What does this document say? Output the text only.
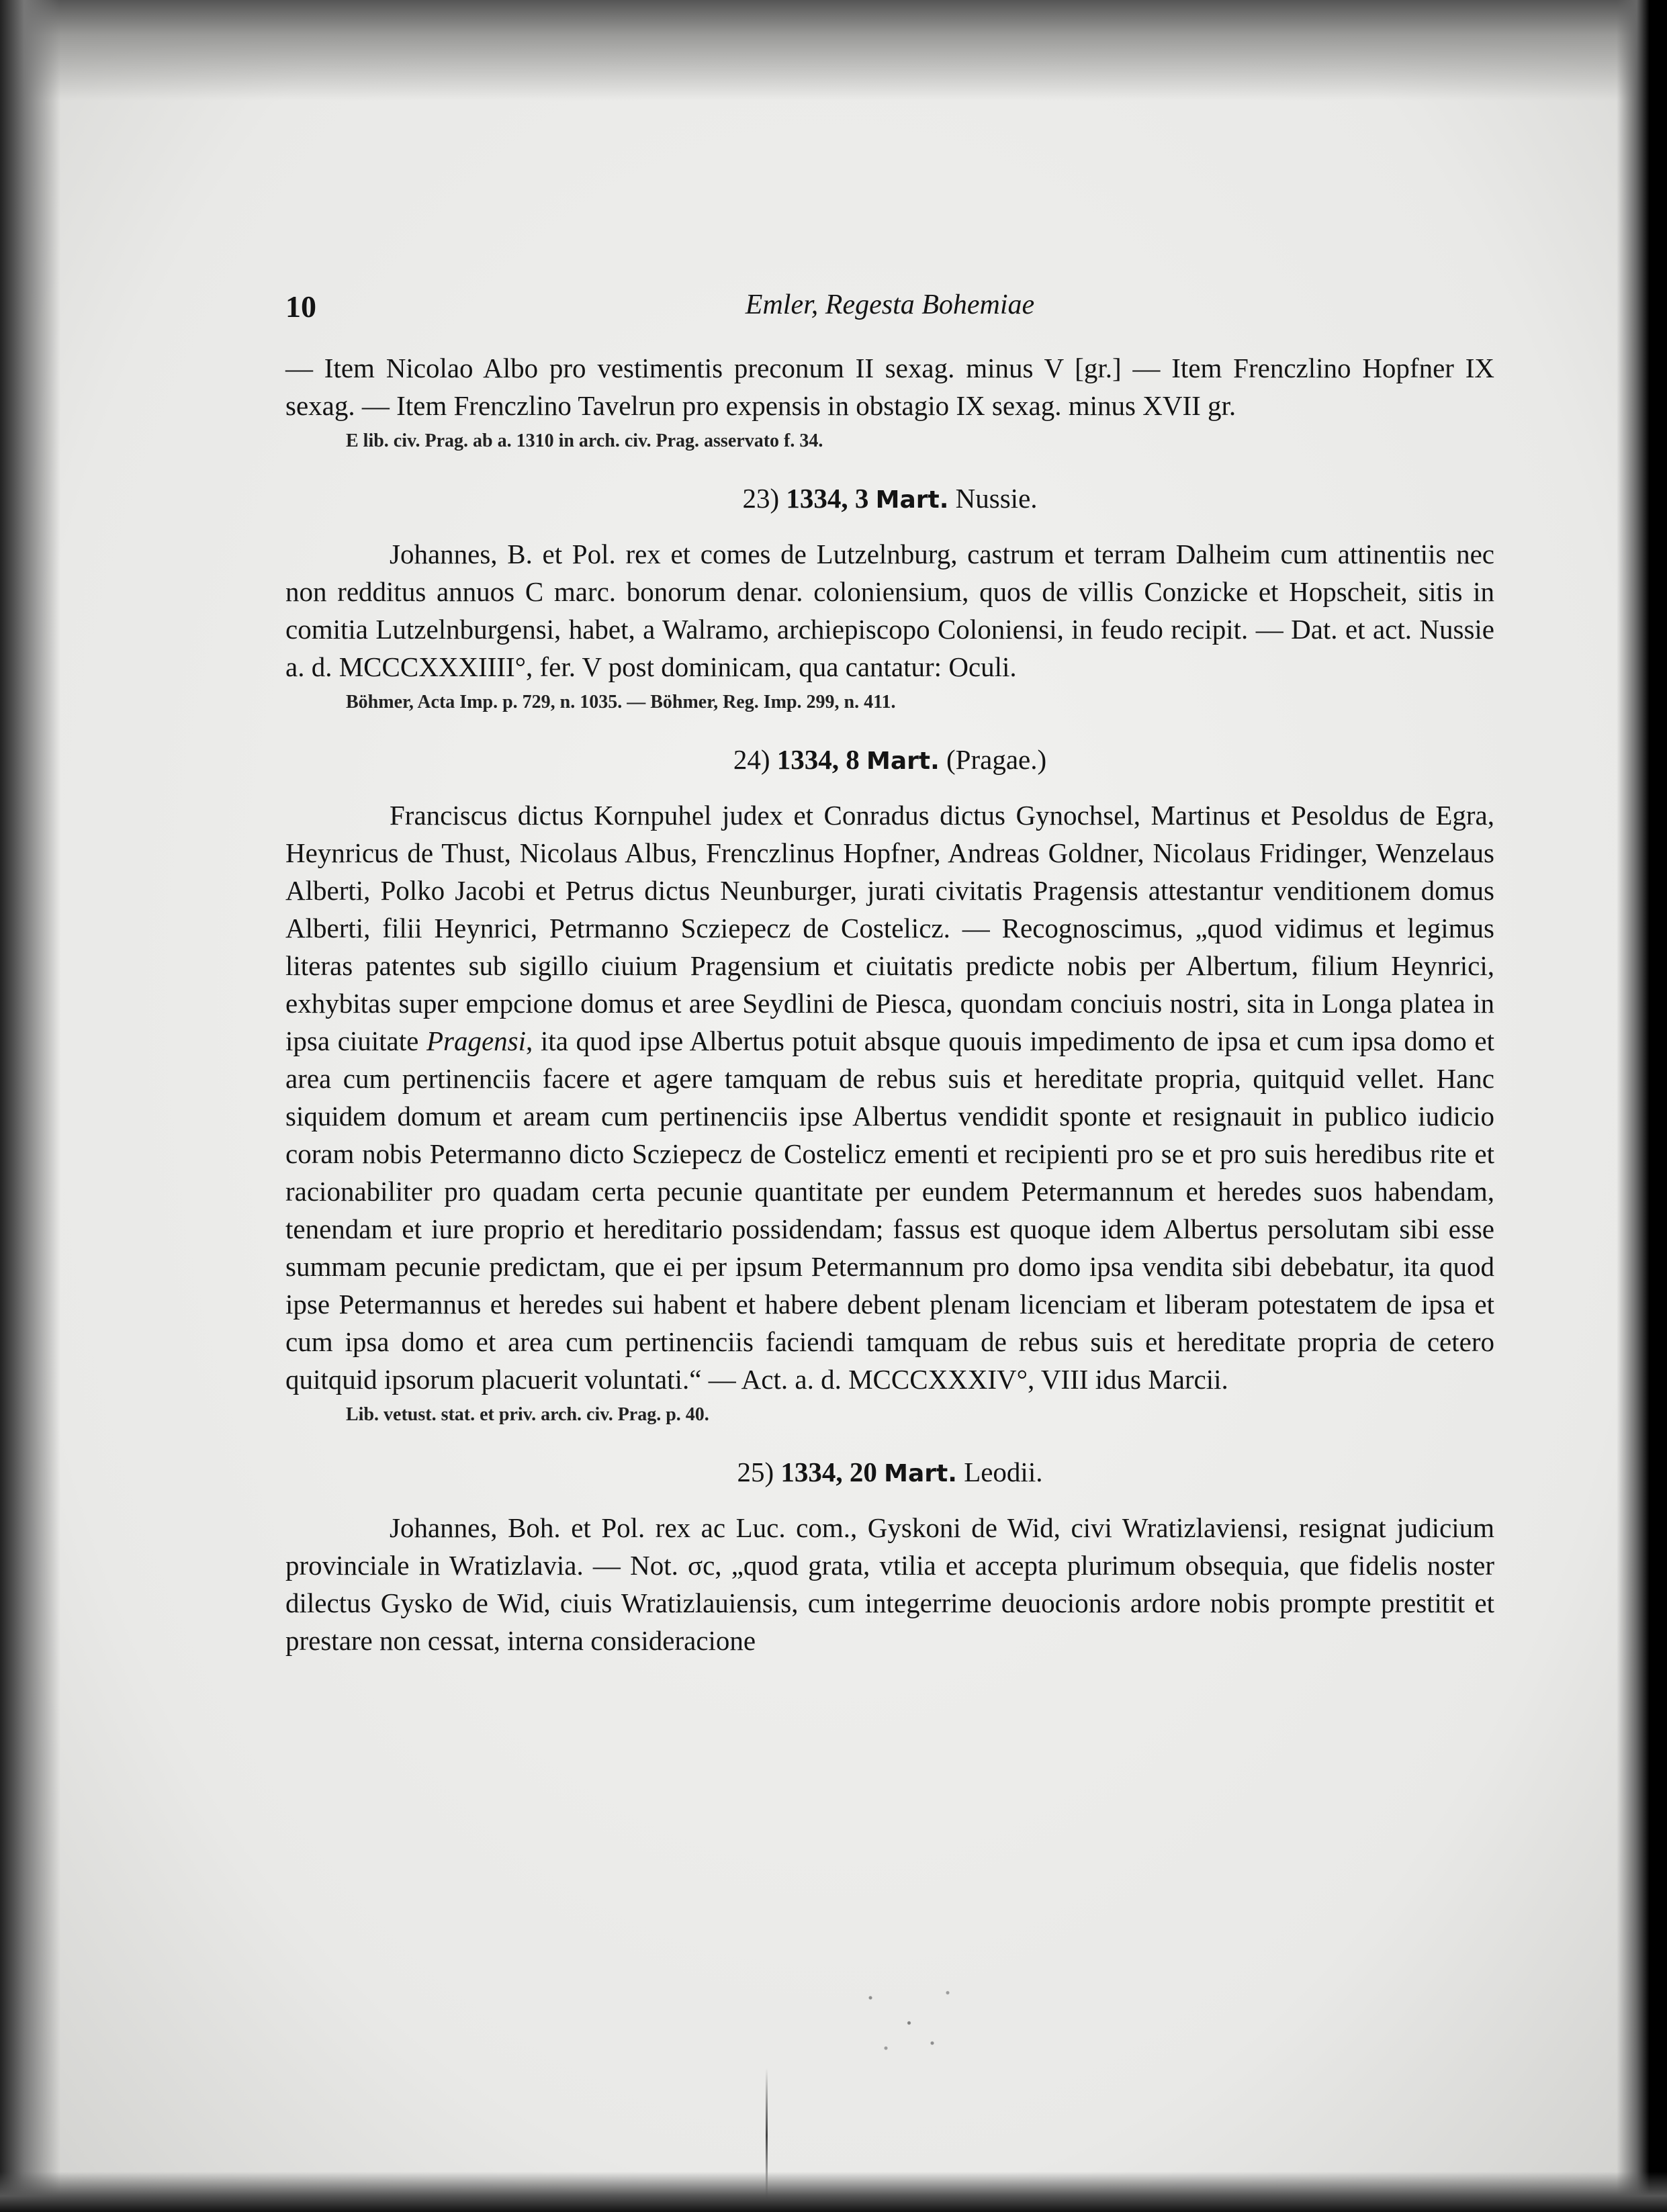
10	Emler, Regesta Bohemiae

— Item Nicolao Albo pro vestimentis preconum II sexag. minus V [gr.] — Item Frenczlino Hopfner IX sexag. — Item Frenczlino Tavelrun pro expensis in obstagio IX sexag. minus XVII gr.

E lib. civ. Prag. ab a. 1310 in arch. civ. Prag. asservato f. 34.
23) 1334, 3 Mart. Nussie.

Johannes, B. et Pol. rex et comes de Lutzelnburg, castrum et terram Dalheim cum attinentiis nec non redditus annuos C marc. bonorum denar. coloniensium, quos de villis Conzicke et Hopscheit, sitis in comitia Lutzelnburgensi, habet, a Walramo, archiepiscopo Coloniensi, in feudo recipit. — Dat. et act. Nussie a. d. MCCCXXXIIII°, fer. V post dominicam, qua cantatur: Oculi.

Böhmer, Acta Imp. p. 729, n. 1035. — Böhmer, Reg. Imp. 299, n. 411.
24) 1334, 8 Mart. (Pragae.)

Franciscus dictus Kornpuhel judex et Conradus dictus Gynochsel, Martinus et Pesoldus de Egra, Heynricus de Thust, Nicolaus Albus, Frenczlinus Hopfner, Andreas Goldner, Nicolaus Fridinger, Wenzelaus Alberti, Polko Jacobi et Petrus dictus Neunburger, jurati civitatis Pragensis attestantur venditionem domus Alberti, filii Heynrici, Petrmanno Scziepecz de Costelicz. — Recognoscimus, „quod vidimus et legimus literas patentes sub sigillo ciuium Pragensium et ciuitatis predicte nobis per Albertum, filium Heynrici, exhybitas super empcione domus et aree Seydlini de Piesca, quondam conciuis nostri, sita in Longa platea in ipsa ciuitate Pragensi, ita quod ipse Albertus potuit absque quouis impedimento de ipsa et cum ipsa domo et area cum pertinenciis facere et agere tamquam de rebus suis et hereditate propria, quitquid vellet. Hanc siquidem domum et aream cum pertinenciis ipse Albertus vendidit sponte et resignauit in publico iudicio coram nobis Petermanno dicto Scziepecz de Costelicz ementi et recipienti pro se et pro suis heredibus rite et racionabiliter pro quadam certa pecunie quantitate per eundem Petermannum et heredes suos habendam, tenendam et iure proprio et hereditario possidendam; fassus est quoque idem Albertus persolutam sibi esse summam pecunie predictam, que ei per ipsum Petermannum pro domo ipsa vendita sibi debebatur, ita quod ipse Petermannus et heredes sui habent et habere debent plenam licenciam et liberam potestatem de ipsa et cum ipsa domo et area cum pertinenciis faciendi tamquam de rebus suis et hereditate propria de cetero quitquid ipsorum placuerit voluntati.“ — Act. a. d. MCCCXXXIV°, VIII idus Marcii.

Lib. vetust. stat. et priv. arch. civ. Prag. p. 40.
25) 1334, 20 Mart. Leodii.

Johannes, Boh. et Pol. rex ac Luc. com., Gyskoni de Wid, civi Wratizlaviensi, resignat judicium provinciale in Wratizlavia. — Not. σc, „quod grata, vtilia et accepta plurimum obsequia, que fidelis noster dilectus Gysko de Wid, ciuis Wratizlauiensis, cum integerrime deuocionis ardore nobis prompte prestitit et prestare non cessat, interna consideracione
